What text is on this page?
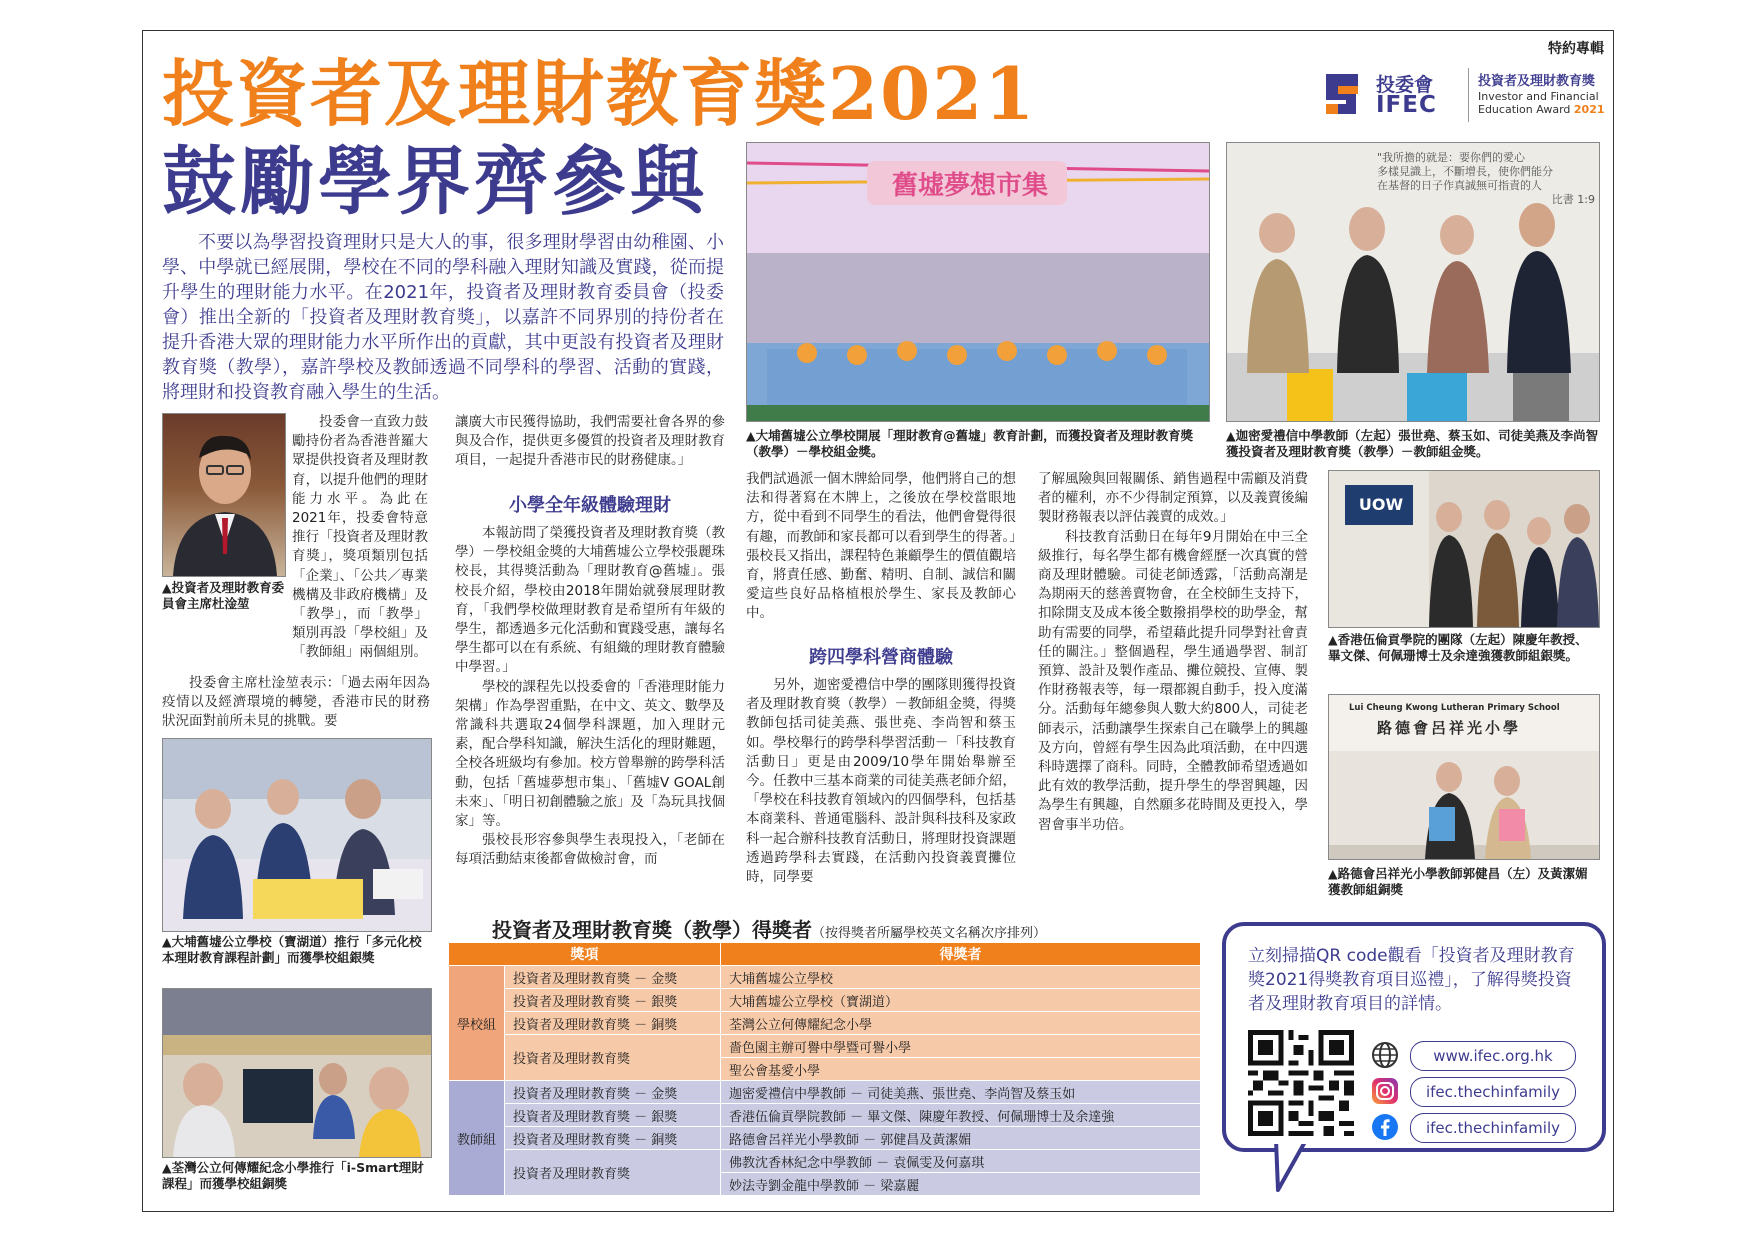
特約專輯
投資者及理財教育獎2021
鼓勵學界齊參與
投委會
IFEC
投資者及理財教育獎
Investor and Financial
Education Award 2021

不要以為學習投資理財只是大人的事，很多理財學習由幼稚園、小學、中學就已經展開，學校在不同的學科融入理財知識及實踐，從而提升學生的理財能力水平。在2021年，投資者及理財教育委員會（投委會）推出全新的「投資者及理財教育獎」，以嘉許不同界別的持份者在提升香港大眾的理財能力水平所作出的貢獻，其中更設有投資者及理財教育獎（教學），嘉許學校及教師透過不同學科的學習、活動的實踐，將理財和投資教育融入學生的生活。

▲投資者及理財教育委員會主席杜淦堃

投委會一直致力鼓勵持份者為香港普羅大眾提供投資者及理財教育，以提升他們的理財能力水平。為此在2021年，投委會特意推行「投資者及理財教育獎」，獎項類別包括「企業」、「公共／專業機構及非政府機構」及「教學」，而「教學」類別再設「學校組」及「教師組」兩個組別。

投委會主席杜淦堃表示：「過去兩年因為疫情以及經濟環境的轉變，香港市民的財務狀況面對前所未見的挑戰。要

▲大埔舊墟公立學校（寶湖道）推行「多元化校本理財教育課程計劃」而獲學校組銀獎

▲荃灣公立何傳耀紀念小學推行「i-Smart理財課程」而獲學校組銅獎

讓廣大市民獲得協助，我們需要社會各界的參與及合作，提供更多優質的投資者及理財教育項目，一起提升香港市民的財務健康。」

小學全年級體驗理財

本報訪問了榮獲投資者及理財教育獎（教學）－學校組金獎的大埔舊墟公立學校張麗珠校長，其得獎活動為「理財教育@舊墟」。張校長介紹，學校由2018年開始就發展理財教育，「我們學校做理財教育是希望所有年級的學生，都透過多元化活動和實踐受惠，讓每名學生都可以在有系統、有組織的理財教育體驗中學習。」

學校的課程先以投委會的「香港理財能力架構」作為學習重點，在中文、英文、數學及常識科共選取24個學科課題，加入理財元素，配合學科知識，解決生活化的理財難題，全校各班級均有參加。校方曾舉辦的跨學科活動，包括「舊墟夢想市集」、「舊墟V GOAL創未來」、「明日初創體驗之旅」及「為玩具找個家」等。

張校長形容參與學生表現投入，「老師在每項活動結束後都會做檢討會，而

舊墟夢想市集

▲大埔舊墟公立學校開展「理財教育@舊墟」教育計劃，而獲投資者及理財教育獎（教學）－學校組金獎。

"我所擔的就是：要你們的愛心
多樣見識上，不斷增長，使你們能分
在基督的日子作真誠無可指責的人
比書 1:9

▲迦密愛禮信中學教師（左起）張世堯、蔡玉如、司徒美燕及李尚智獲投資者及理財教育獎（教學）－教師組金獎。

我們試過派一個木牌給同學，他們將自己的想法和得著寫在木牌上，之後放在學校當眼地方，從中看到不同學生的看法，他們會覺得很有趣，而教師和家長都可以看到學生的得著。」張校長又指出，課程特色兼顧學生的價值觀培育，將責任感、勤奮、精明、自制、誠信和關愛這些良好品格植根於學生、家長及教師心中。

跨四學科營商體驗

另外，迦密愛禮信中學的團隊則獲得投資者及理財教育獎（教學）－教師組金獎，得獎教師包括司徒美燕、張世堯、李尚智和蔡玉如。學校舉行的跨學科學習活動－「科技教育活動日」更是由2009/10學年開始舉辦至今。任教中三基本商業的司徒美燕老師介紹，「學校在科技教育領域內的四個學科，包括基本商業科、普通電腦科、設計與科技科及家政科一起合辦科技教育活動日，將理財投資課題透過跨學科去實踐，在活動內投資義賣攤位時，同學要

了解風險與回報關係、銷售過程中需顧及消費者的權利，亦不少得制定預算，以及義賣後編製財務報表以評估義賣的成效。」

科技教育活動日在每年9月開始在中三全級推行，每名學生都有機會經歷一次真實的營商及理財體驗。司徒老師透露，「活動高潮是為期兩天的慈善賣物會，在全校師生支持下，扣除開支及成本後全數撥捐學校的助學金，幫助有需要的同學，希望藉此提升同學對社會責任的關注。」整個過程，學生通過學習、制訂預算、設計及製作產品、攤位競投、宣傳、製作財務報表等，每一環都親自動手，投入度滿分。活動每年總參與人數大約800人，司徒老師表示，活動讓學生探索自己在職學上的興趣及方向，曾經有學生因為此項活動，在中四選科時選擇了商科。同時，全體教師希望透過如此有效的教學活動，提升學生的學習興趣，因為學生有興趣，自然願多花時間及更投入，學習會事半功倍。

UOW

▲香港伍倫貢學院的團隊（左起）陳慶年教授、畢文傑、何佩珊博士及余達強獲教師組銀獎。

Lui Cheung Kwong Lutheran Primary School
路德會呂祥光小學

▲路德會呂祥光小學教師郭健昌（左）及黃潔媚獲教師組銅獎

投資者及理財教育獎（教學）得獎者（按得獎者所屬學校英文名稱次序排列）
獎項		得獎者
學校組	投資者及理財教育獎 － 金獎	大埔舊墟公立學校
	投資者及理財教育獎 － 銀獎	大埔舊墟公立學校（寶湖道）
	投資者及理財教育獎 － 銅獎	荃灣公立何傳耀紀念小學
	投資者及理財教育獎	嗇色園主辦可譽中學暨可譽小學
		聖公會基愛小學
教師組	投資者及理財教育獎 － 金獎	迦密愛禮信中學教師 － 司徒美燕、張世堯、李尚智及蔡玉如
	投資者及理財教育獎 － 銀獎	香港伍倫貢學院教師 － 畢文傑、陳慶年教授、何佩珊博士及余達強
	投資者及理財教育獎 － 銅獎	路德會呂祥光小學教師 － 郭健昌及黃潔媚
	投資者及理財教育獎	佛教沈香林紀念中學教師 － 袁佩雯及何嘉琪
		妙法寺劉金龍中學教師 － 梁嘉麗

立刻掃描QR code觀看「投資者及理財教育獎2021得獎教育項目巡禮」，了解得獎投資者及理財教育項目的詳情。

www.ifec.org.hk
ifec.thechinfamily
ifec.thechinfamily
